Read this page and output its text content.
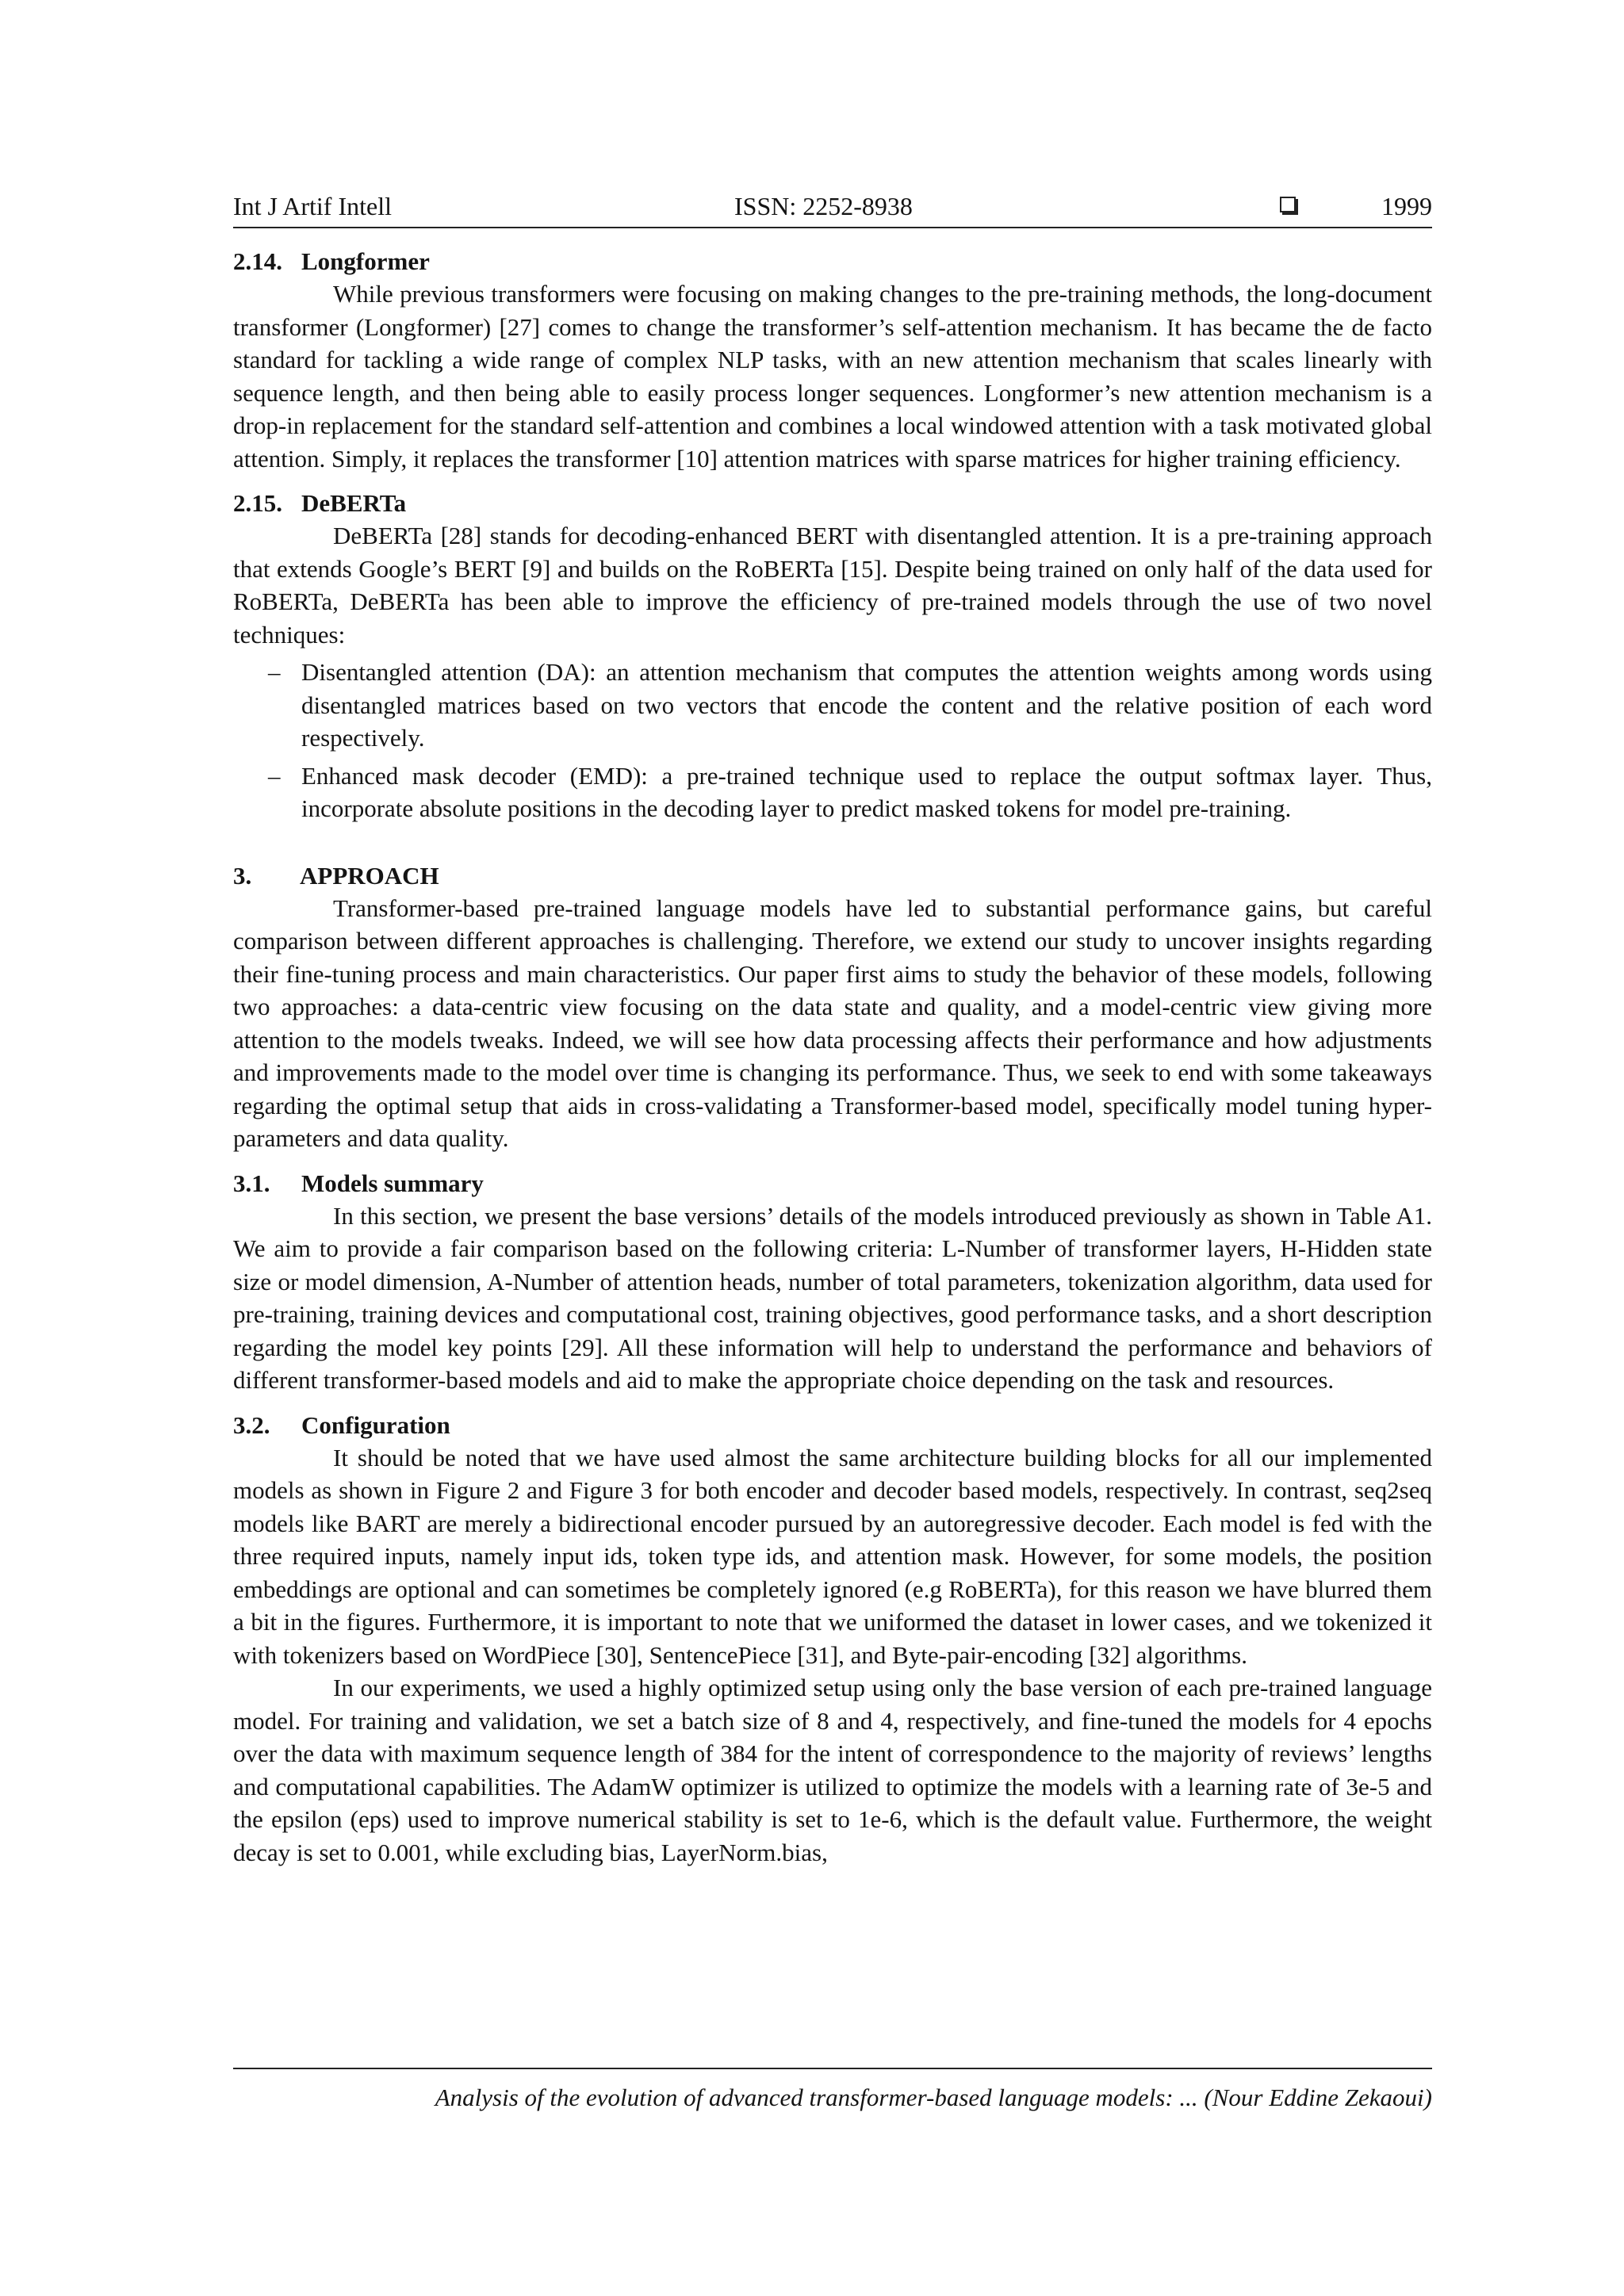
Int J Artif Intell	ISSN: 2252-8938	1999
2.14. Longformer

While previous transformers were focusing on making changes to the pre-training methods, the long-document transformer (Longformer) [27] comes to change the transformer’s self-attention mechanism. It has became the de facto standard for tackling a wide range of complex NLP tasks, with an new attention mechanism that scales linearly with sequence length, and then being able to easily process longer sequences. Longformer’s new attention mechanism is a drop-in replacement for the standard self-attention and combines a local windowed attention with a task motivated global attention. Simply, it replaces the transformer [10] attention matrices with sparse matrices for higher training efficiency.

2.15. DeBERTa

DeBERTa [28] stands for decoding-enhanced BERT with disentangled attention. It is a pre-training approach that extends Google’s BERT [9] and builds on the RoBERTa [15]. Despite being trained on only half of the data used for RoBERTa, DeBERTa has been able to improve the efficiency of pre-trained models through the use of two novel techniques:

– Disentangled attention (DA): an attention mechanism that computes the attention weights among words using disentangled matrices based on two vectors that encode the content and the relative position of each word respectively.
– Enhanced mask decoder (EMD): a pre-trained technique used to replace the output softmax layer. Thus, incorporate absolute positions in the decoding layer to predict masked tokens for model pre-training.
3. APPROACH

Transformer-based pre-trained language models have led to substantial performance gains, but careful comparison between different approaches is challenging. Therefore, we extend our study to uncover insights regarding their fine-tuning process and main characteristics. Our paper first aims to study the behavior of these models, following two approaches: a data-centric view focusing on the data state and quality, and a model-centric view giving more attention to the models tweaks. Indeed, we will see how data processing affects their performance and how adjustments and improvements made to the model over time is changing its performance. Thus, we seek to end with some takeaways regarding the optimal setup that aids in cross-validating a Transformer-based model, specifically model tuning hyper-parameters and data quality.

3.1. Models summary

In this section, we present the base versions’ details of the models introduced previously as shown in Table A1. We aim to provide a fair comparison based on the following criteria: L-Number of transformer layers, H-Hidden state size or model dimension, A-Number of attention heads, number of total parameters, tokenization algorithm, data used for pre-training, training devices and computational cost, training objectives, good performance tasks, and a short description regarding the model key points [29]. All these information will help to understand the performance and behaviors of different transformer-based models and aid to make the appropriate choice depending on the task and resources.

3.2. Configuration

It should be noted that we have used almost the same architecture building blocks for all our implemented models as shown in Figure 2 and Figure 3 for both encoder and decoder based models, respectively. In contrast, seq2seq models like BART are merely a bidirectional encoder pursued by an autoregressive decoder. Each model is fed with the three required inputs, namely input ids, token type ids, and attention mask. However, for some models, the position embeddings are optional and can sometimes be completely ignored (e.g RoBERTa), for this reason we have blurred them a bit in the figures. Furthermore, it is important to note that we uniformed the dataset in lower cases, and we tokenized it with tokenizers based on WordPiece [30], SentencePiece [31], and Byte-pair-encoding [32] algorithms.

In our experiments, we used a highly optimized setup using only the base version of each pre-trained language model. For training and validation, we set a batch size of 8 and 4, respectively, and fine-tuned the models for 4 epochs over the data with maximum sequence length of 384 for the intent of correspondence to the majority of reviews’ lengths and computational capabilities. The AdamW optimizer is utilized to optimize the models with a learning rate of 3e-5 and the epsilon (eps) used to improve numerical stability is set to 1e-6, which is the default value. Furthermore, the weight decay is set to 0.001, while excluding bias, LayerNorm.bias,

Analysis of the evolution of advanced transformer-based language models: ... (Nour Eddine Zekaoui)
